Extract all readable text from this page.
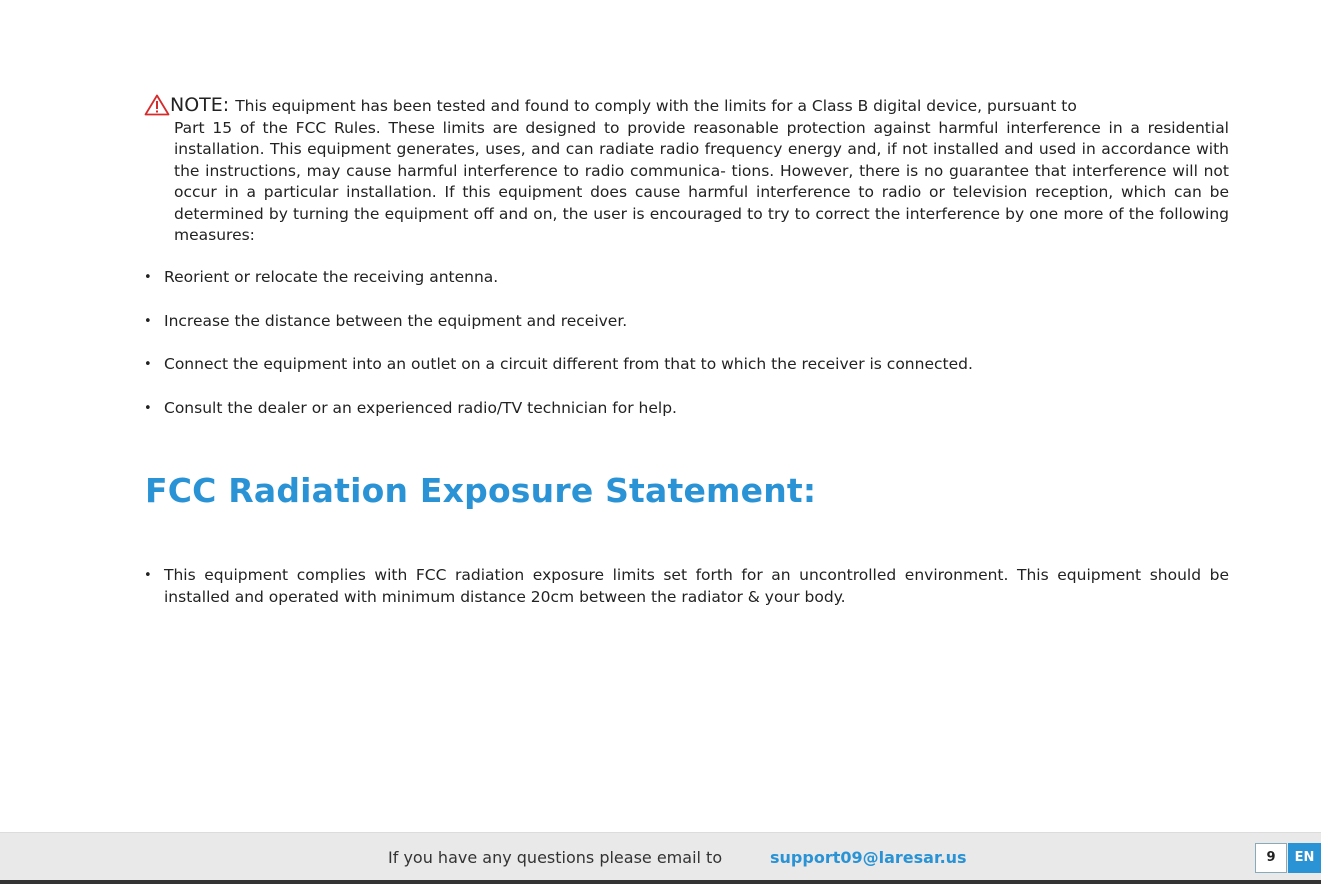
NOTE: This equipment has been tested and found to comply with the limits for a Class B digital device, pursuant to
Part 15 of the FCC Rules. These limits are designed to provide reasonable protection against harmful interference in a residential installation. This equipment generates, uses, and can radiate radio frequency energy and, if not installed and used in accordance with the instructions, may cause harmful interference to radio communica- tions. However, there is no guarantee that interference will not occur in a particular installation. If this equipment does cause harmful interference to radio or television reception, which can be determined by turning the equipment off and on, the user is encouraged to try to correct the interference by one more of the following measures:
• Reorient or relocate the receiving antenna.
• Increase the distance between the equipment and receiver.
• Connect the equipment into an outlet on a circuit different from that to which the receiver is connected.
• Consult the dealer or an experienced radio/TV technician for help.
FCC Radiation Exposure Statement:
• This equipment complies with FCC radiation exposure limits set forth for an uncontrolled environment. This equipment should be installed and operated with minimum distance 20cm between the radiator & your body.
If you have any questions please email to	support09@laresar.us	9	EN
